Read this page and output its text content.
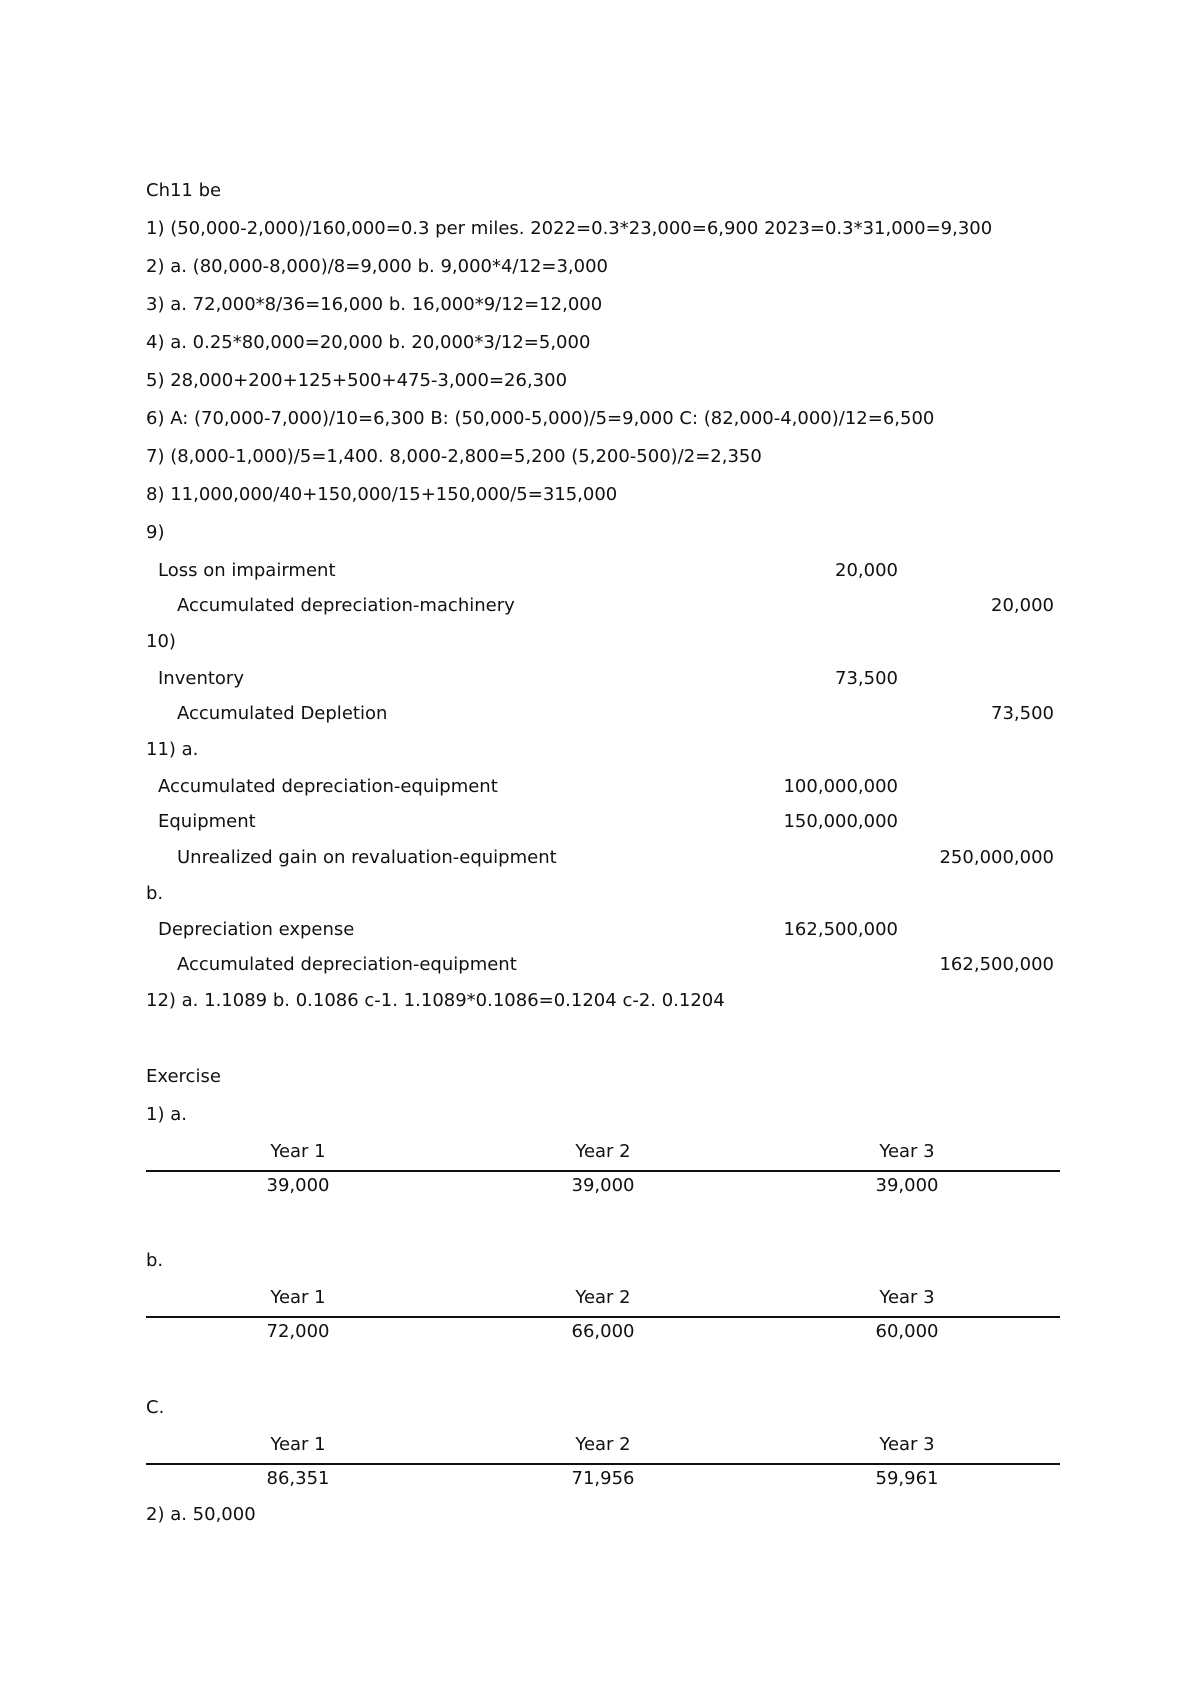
Ch11 be
1) (50,000-2,000)/160,000=0.3 per miles. 2022=0.3*23,000=6,900 2023=0.3*31,000=9,300
2) a. (80,000-8,000)/8=9,000 b. 9,000*4/12=3,000
3) a. 72,000*8/36=16,000 b. 16,000*9/12=12,000
4) a. 0.25*80,000=20,000 b. 20,000*3/12=5,000
5) 28,000+200+125+500+475-3,000=26,300
6) A: (70,000-7,000)/10=6,300 B: (50,000-5,000)/5=9,000 C: (82,000-4,000)/12=6,500
7) (8,000-1,000)/5=1,400. 8,000-2,800=5,200 (5,200-500)/2=2,350
8) 11,000,000/40+150,000/15+150,000/5=315,000
9)
Loss on impairment	20,000
Accumulated depreciation-machinery	20,000
10)
Inventory	73,500
Accumulated Depletion	73,500
11) a.
Accumulated depreciation-equipment	100,000,000
Equipment	150,000,000
Unrealized gain on revaluation-equipment	250,000,000
b.
Depreciation expense	162,500,000
Accumulated depreciation-equipment	162,500,000
12) a. 1.1089 b. 0.1086 c-1. 1.1089*0.1086=0.1204 c-2. 0.1204
Exercise
1) a.
Year 1	Year 2	Year 3
39,000	39,000	39,000
b.
Year 1	Year 2	Year 3
72,000	66,000	60,000
C.
Year 1	Year 2	Year 3
86,351	71,956	59,961
2) a. 50,000
